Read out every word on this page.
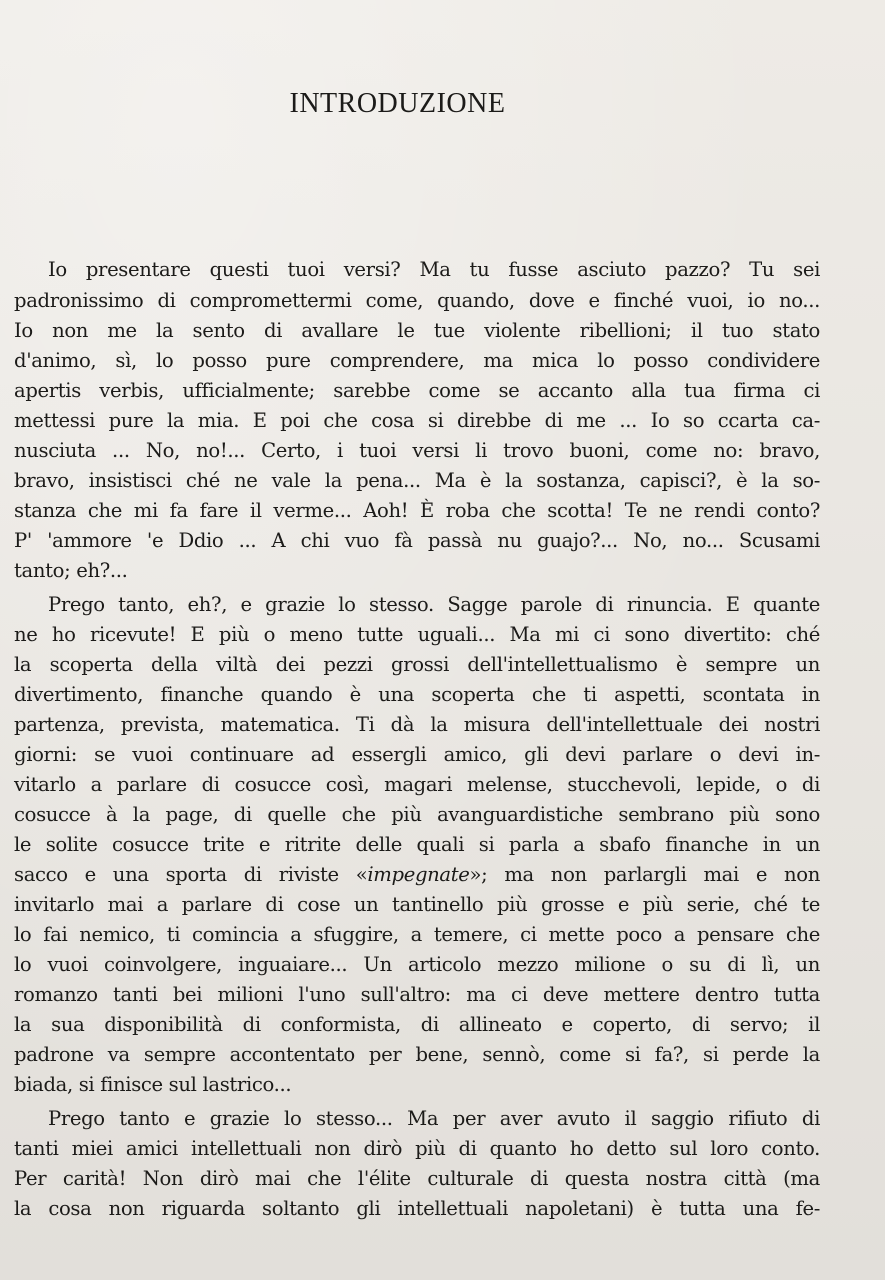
INTRODUZIONE
Io presentare questi tuoi versi? Ma tu fusse asciuto pazzo? Tu sei
padronissimo di compromettermi come, quando, dove e finché vuoi, io no...
Io non me la sento di avallare le tue violente ribellioni; il tuo stato
d'animo, sì, lo posso pure comprendere, ma mica lo posso condividere
apertis verbis, ufficialmente; sarebbe come se accanto alla tua firma ci
mettessi pure la mia. E poi che cosa si direbbe di me ... Io so ccarta ca-
nusciuta ... No, no!... Certo, i tuoi versi li trovo buoni, come no: bravo,
bravo, insistisci ché ne vale la pena... Ma è la sostanza, capisci?, è la so-
stanza che mi fa fare il verme... Aoh! È roba che scotta! Te ne rendi conto?
P' 'ammore 'e Ddio ... A chi vuo fà passà nu guajo?... No, no... Scusami
tanto; eh?...
Prego tanto, eh?, e grazie lo stesso. Sagge parole di rinuncia. E quante
ne ho ricevute! E più o meno tutte uguali... Ma mi ci sono divertito: ché
la scoperta della viltà dei pezzi grossi dell'intellettualismo è sempre un
divertimento, finanche quando è una scoperta che ti aspetti, scontata in
partenza, prevista, matematica. Ti dà la misura dell'intellettuale dei nostri
giorni: se vuoi continuare ad essergli amico, gli devi parlare o devi in-
vitarlo a parlare di cosucce così, magari melense, stucchevoli, lepide, o di
cosucce à la page, di quelle che più avanguardistiche sembrano più sono
le solite cosucce trite e ritrite delle quali si parla a sbafo finanche in un
sacco e una sporta di riviste «impegnate»; ma non parlargli mai e non
invitarlo mai a parlare di cose un tantinello più grosse e più serie, ché te
lo fai nemico, ti comincia a sfuggire, a temere, ci mette poco a pensare che
lo vuoi coinvolgere, inguaiare... Un articolo mezzo milione o su di lì, un
romanzo tanti bei milioni l'uno sull'altro: ma ci deve mettere dentro tutta
la sua disponibilità di conformista, di allineato e coperto, di servo; il
padrone va sempre accontentato per bene, sennò, come si fa?, si perde la
biada, si finisce sul lastrico...
Prego tanto e grazie lo stesso... Ma per aver avuto il saggio rifiuto di
tanti miei amici intellettuali non dirò più di quanto ho detto sul loro conto.
Per carità! Non dirò mai che l'élite culturale di questa nostra città (ma
la cosa non riguarda soltanto gli intellettuali napoletani) è tutta una fe-
